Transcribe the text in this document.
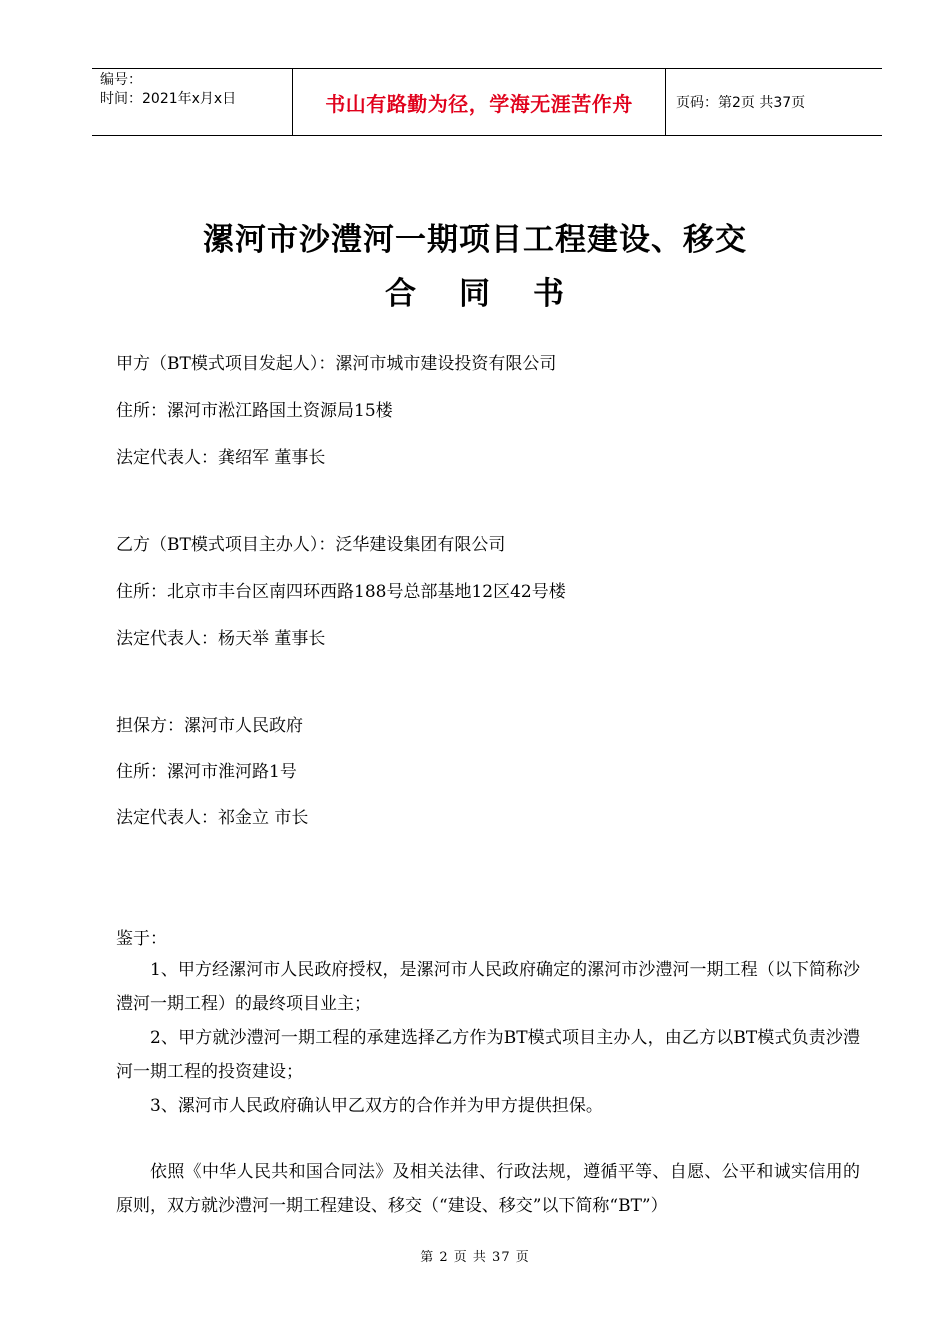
编号：
时间：2021年x月x日	书山有路勤为径，学海无涯苦作舟	页码：第2页 共37页
漯河市沙澧河一期项目工程建设、移交
合 同 书
甲方（BT模式项目发起人）：漯河市城市建设投资有限公司
住所：漯河市淞江路国土资源局15楼
法定代表人：龚绍军 董事长
乙方（BT模式项目主办人）：泛华建设集团有限公司
住所：北京市丰台区南四环西路188号总部基地12区42号楼
法定代表人：杨天举 董事长
担保方：漯河市人民政府
住所：漯河市淮河路1号
法定代表人：祁金立 市长
鉴于：
1、甲方经漯河市人民政府授权，是漯河市人民政府确定的漯河市沙澧河一期工程（以下简称沙澧河一期工程）的最终项目业主；
2、甲方就沙澧河一期工程的承建选择乙方作为BT模式项目主办人，由乙方以BT模式负责沙澧河一期工程的投资建设；
3、漯河市人民政府确认甲乙双方的合作并为甲方提供担保。
依照《中华人民共和国合同法》及相关法律、行政法规，遵循平等、自愿、公平和诚实信用的原则，双方就沙澧河一期工程建设、移交（“建设、移交”以下简称“BT”）
第 2 页 共 37 页
